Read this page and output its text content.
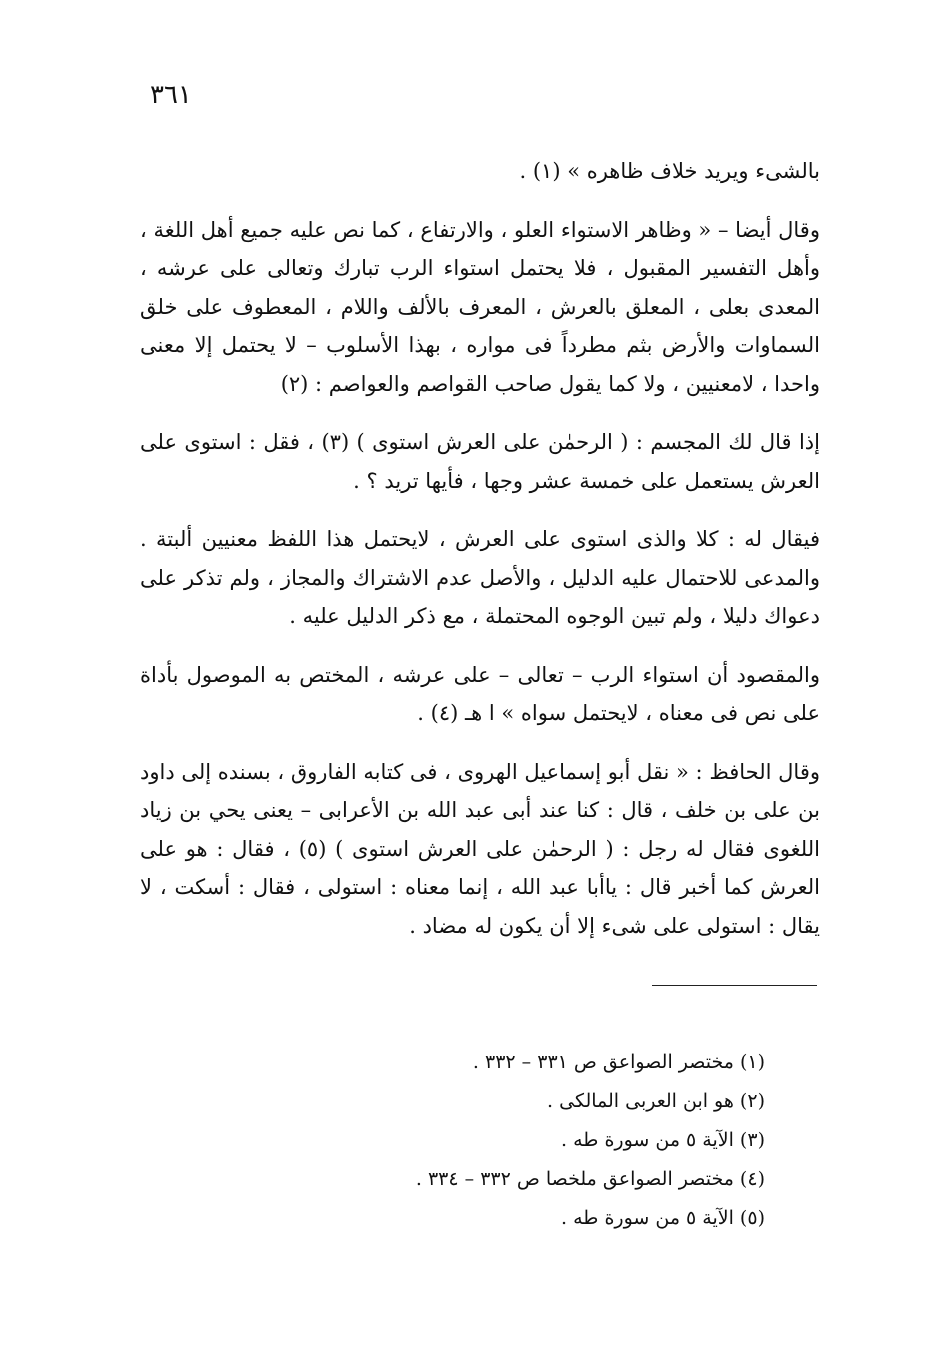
٣٦١

بالشىء ويريد خلاف ظاهره » (١) .

وقال أيضا – « وظاهر الاستواء العلو ، والارتفاع ، كما نص عليه جميع أهل اللغة ، وأهل التفسير المقبول ، فلا يحتمل استواء الرب تبارك وتعالى على عرشه ، المعدى بعلى ، المعلق بالعرش ، المعرف بالألف واللام ، المعطوف على خلق السماوات والأرض بثم مطرداً فى مواره ، بهذا الأسلوب – لا يحتمل إلا معنى واحدا ، لامعنيين ، ولا كما يقول صاحب القواصم والعواصم : (٢)

إذا قال لك المجسم : ( الرحمٰن على العرش استوى ) (٣) ، فقل : استوى على العرش يستعمل على خمسة عشر وجها ، فأيها تريد ؟ .

فيقال له : كلا والذى استوى على العرش ، لايحتمل هذا اللفظ معنيين ألبتة . والمدعى للاحتمال عليه الدليل ، والأصل عدم الاشتراك والمجاز ، ولم تذكر على دعواك دليلا ، ولم تبين الوجوه المحتملة ، مع ذكر الدليل عليه .

والمقصود أن استواء الرب – تعالى – على عرشه ، المختص به الموصول بأداة على نص فى معناه ، لايحتمل سواه » ا هـ (٤) .

وقال الحافظ : « نقل أبو إسماعيل الهروى ، فى كتابه الفاروق ، بسنده إلى داود بن على بن خلف ، قال : كنا عند أبى عبد الله بن الأعرابى – يعنى يحي بن زياد اللغوى فقال له رجل : ( الرحمٰن على العرش استوى ) (٥) ، فقال : هو على العرش كما أخبر قال : ياأبا عبد الله ، إنما معناه : استولى ، فقال : أسكت ، لا يقال : استولى على شىء إلا أن يكون له مضاد .

(١) مختصر الصواعق ص ٣٣١ – ٣٣٢ .
(٢) هو ابن العربى المالكى .
(٣) الآية ٥ من سورة طه .
(٤) مختصر الصواعق ملخصا ص ٣٣٢ – ٣٣٤ .
(٥) الآية ٥ من سورة طه .
